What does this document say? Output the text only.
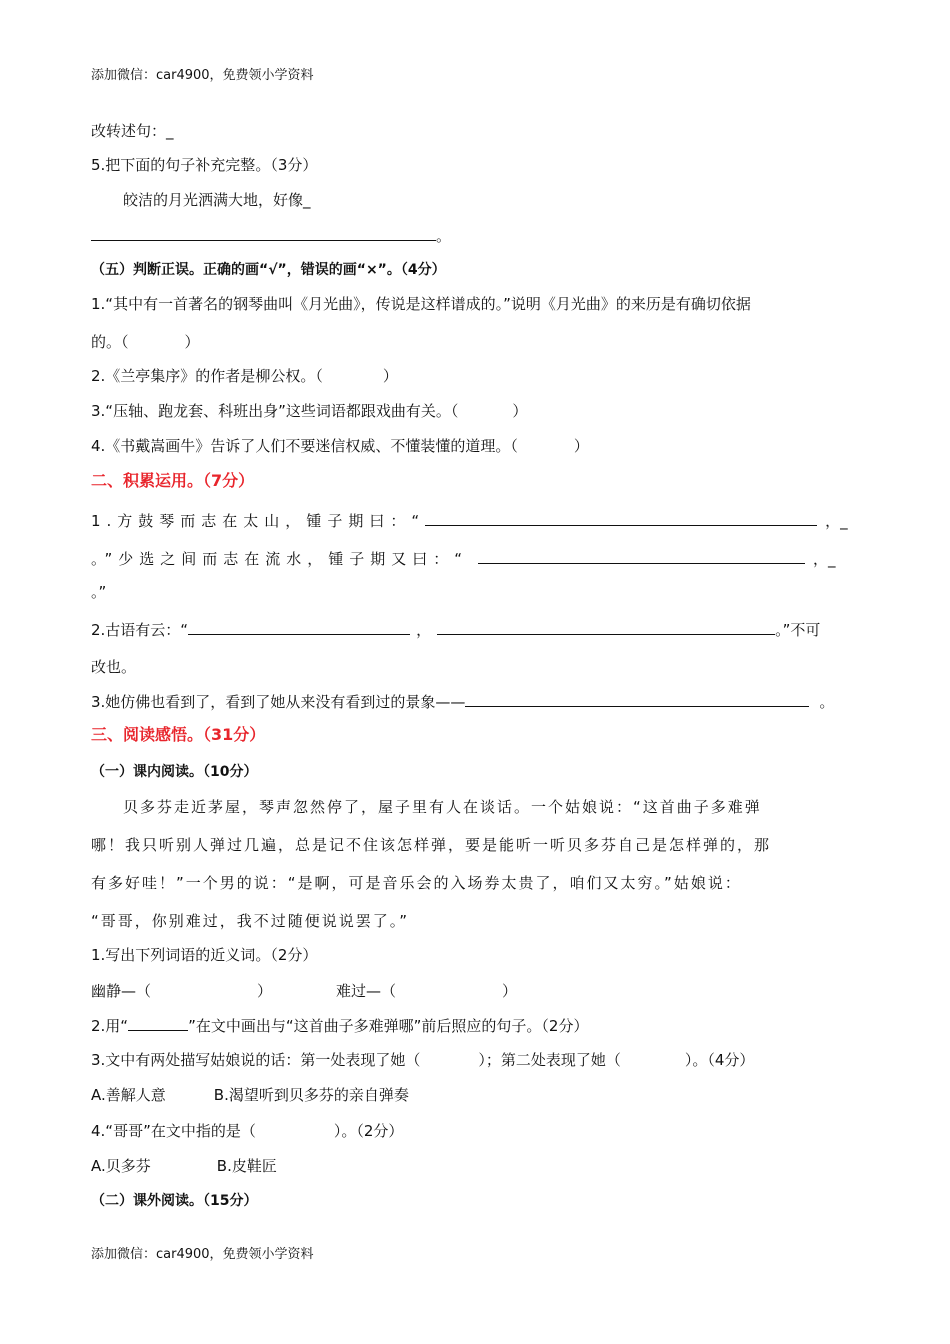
添加微信：car4900，免费领小学资料
改转述句：_
5.把下面的句子补充完整。（3分）
皎洁的月光洒满大地，好像_
。
（五）判断正误。正确的画“√”，错误的画“×”。（4分）
1.“其中有一首著名的钢琴曲叫《月光曲》，传说是这样谱成的。”说明《月光曲》的来历是有确切依据
的。（	）
2.《兰亭集序》的作者是柳公权。（	）
3.“压轴、跑龙套、科班出身”这些词语都跟戏曲有关。（	）
4.《书戴嵩画牛》告诉了人们不要迷信权威、不懂装懂的道理。（	）
二、积累运用。（7分）
1.方鼓琴而志在太山，锺子期曰：“	，_
。”少选之间而志在流水，锺子期又曰：“	，_
。”
2.古语有云：“	，	。”不可
改也。
3.她仿佛也看到了，看到了她从来没有看到过的景象——	。
三、阅读感悟。（31分）
（一）课内阅读。（10分）
贝多芬走近茅屋，琴声忽然停了，屋子里有人在谈话。一个姑娘说：“这首曲子多难弹
哪！我只听别人弹过几遍，总是记不住该怎样弹，要是能听一听贝多芬自己是怎样弹的，那
有多好哇！”一个男的说：“是啊，可是音乐会的入场券太贵了，咱们又太穷。”姑娘说：
“哥哥，你别难过，我不过随便说说罢了。”
1.写出下列词语的近义词。（2分）
幽静—（	）	难过—（	）
2.用“	”在文中画出与“这首曲子多难弹哪”前后照应的句子。（2分）
3.文中有两处描写姑娘说的话：第一处表现了她（	）；第二处表现了她（	）。（4分）
A.善解人意	B.渴望听到贝多芬的亲自弹奏
4.“哥哥”在文中指的是（	）。（2分）
A.贝多芬	B.皮鞋匠
（二）课外阅读。（15分）
添加微信：car4900，免费领小学资料
